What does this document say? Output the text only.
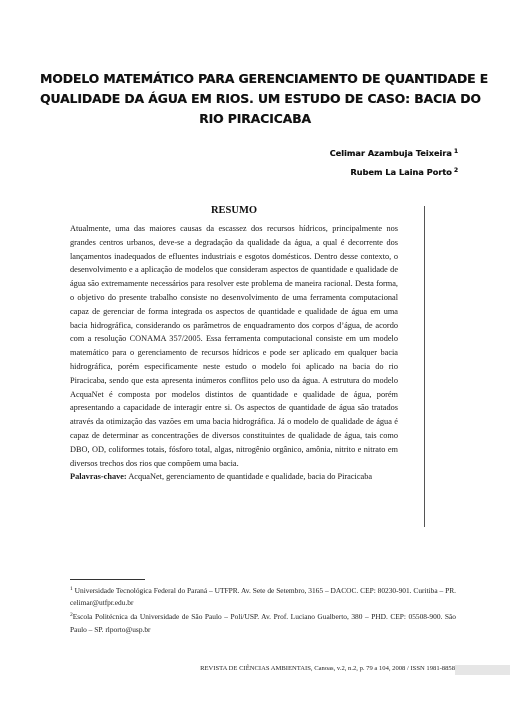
MODELO MATEMÁTICO PARA GERENCIAMENTO DE QUANTIDADE E
QUALIDADE DA ÁGUA EM RIOS. UM ESTUDO DE CASO: BACIA DO
RIO PIRACICABA
Celimar Azambuja Teixeira $^1$
Rubem La Laina Porto $^2$
RESUMO

Atualmente, uma das maiores causas da escassez dos recursos hídricos, principalmente nos grandes centros urbanos, deve-se a degradação da qualidade da água, a qual é decorrente dos lançamentos inadequados de efluentes industriais e esgotos domésticos. Dentro desse contexto, o desenvolvimento e a aplicação de modelos que consideram aspectos de quantidade e qualidade de água são extremamente necessários para resolver este problema de maneira racional. Desta forma, o objetivo do presente trabalho consiste no desenvolvimento de uma ferramenta computacional capaz de gerenciar de forma integrada os aspectos de quantidade e qualidade de água em uma bacia hidrográfica, considerando os parâmetros de enquadramento dos corpos d’água, de acordo com a resolução CONAMA 357/2005. Essa ferramenta computacional consiste em um modelo matemático para o gerenciamento de recursos hídricos e pode ser aplicado em qualquer bacia hidrográfica, porém especificamente neste estudo o modelo foi aplicado na bacia do rio Piracicaba, sendo que esta apresenta inúmeros conflitos pelo uso da água. A estrutura do modelo AcquaNet é composta por modelos distintos de quantidade e qualidade de água, porém apresentando a capacidade de interagir entre si. Os aspectos de quantidade de água são tratados através da otimização das vazões em uma bacia hidrográfica. Já o modelo de qualidade de água é capaz de determinar as concentrações de diversos constituintes de qualidade de água, tais como DBO, OD, coliformes totais, fósforo total, algas, nitrogênio orgânico, amônia, nitrito e nitrato em diversos trechos dos rios que compõem uma bacia.

Palavras-chave: AcquaNet, gerenciamento de quantidade e qualidade, bacia do Piracicaba

$^1$ Universidade Tecnológica Federal do Paraná – UTFPR. Av. Sete de Setembro, 3165 – DACOC. CEP: 80230-901. Curitiba – PR. celimar@utfpr.edu.br

$^2$Escola Politécnica da Universidade de São Paulo – Poli/USP. Av. Prof. Luciano Gualberto, 380 – PHD. CEP: 05508-900. São Paulo – SP. rlporto@usp.br

REVISTA DE CIÊNCIAS AMBIENTAIS, Canoas, v.2, n.2, p. 79 a 104, 2008 / ISSN 1981-8858
